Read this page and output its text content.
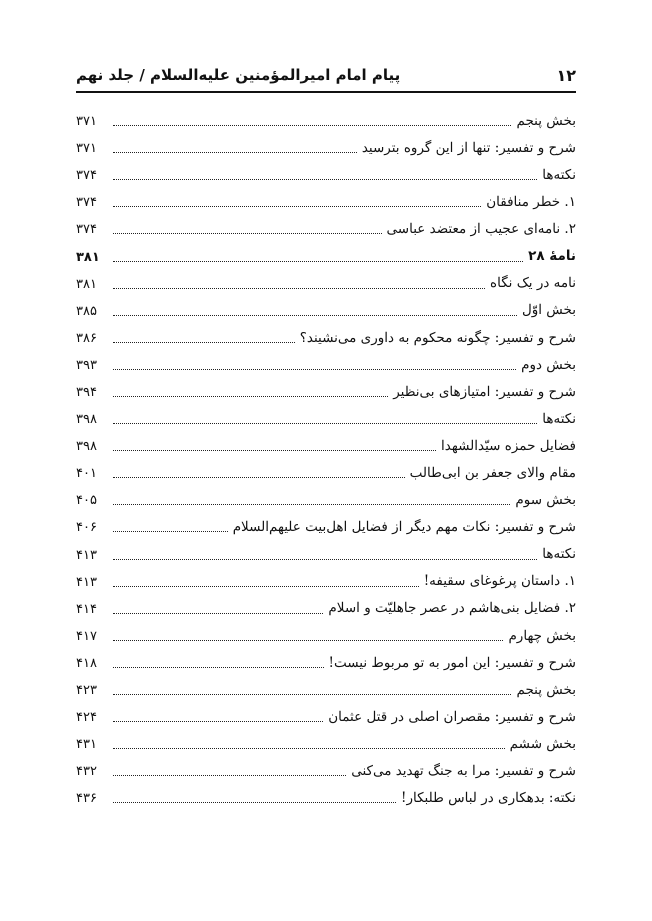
۱۲
پیام امام امیرالمؤمنین علیه‌السلام / جلد نهم
بخش پنجم
۳۷۱
شرح و تفسیر: تنها از این گروه بترسید
۳۷۱
نکته‌ها
۳۷۴
۱. خطر منافقان
۳۷۴
۲. نامه‌ای عجیب از معتضد عباسی
۳۷۴
نامهٔ ۲۸
۳۸۱
نامه در یک نگاه
۳۸۱
بخش اوّل
۳۸۵
شرح و تفسیر: چگونه محکوم به داوری می‌نشیند؟
۳۸۶
بخش دوم
۳۹۳
شرح و تفسیر: امتیازهای بی‌نظیر
۳۹۴
نکته‌ها
۳۹۸
فضایل حمزه سیّدالشهدا
۳۹۸
مقام والای جعفر بن ابی‌طالب
۴۰۱
بخش سوم
۴۰۵
شرح و تفسیر: نکات مهم دیگر از فضایل اهل‌بیت علیهم‌السلام
۴۰۶
نکته‌ها
۴۱۳
۱. داستان پرغوغای سقیفه!
۴۱۳
۲. فضایل بنی‌هاشم در عصر جاهلیّت و اسلام
۴۱۴
بخش چهارم
۴۱۷
شرح و تفسیر: این امور به تو مربوط نیست!
۴۱۸
بخش پنجم
۴۲۳
شرح و تفسیر: مقصران اصلی در قتل عثمان
۴۲۴
بخش ششم
۴۳۱
شرح و تفسیر: مرا به جنگ تهدید می‌کنی
۴۳۲
نکته: بدهکاری در لباس طلبکار!
۴۳۶
